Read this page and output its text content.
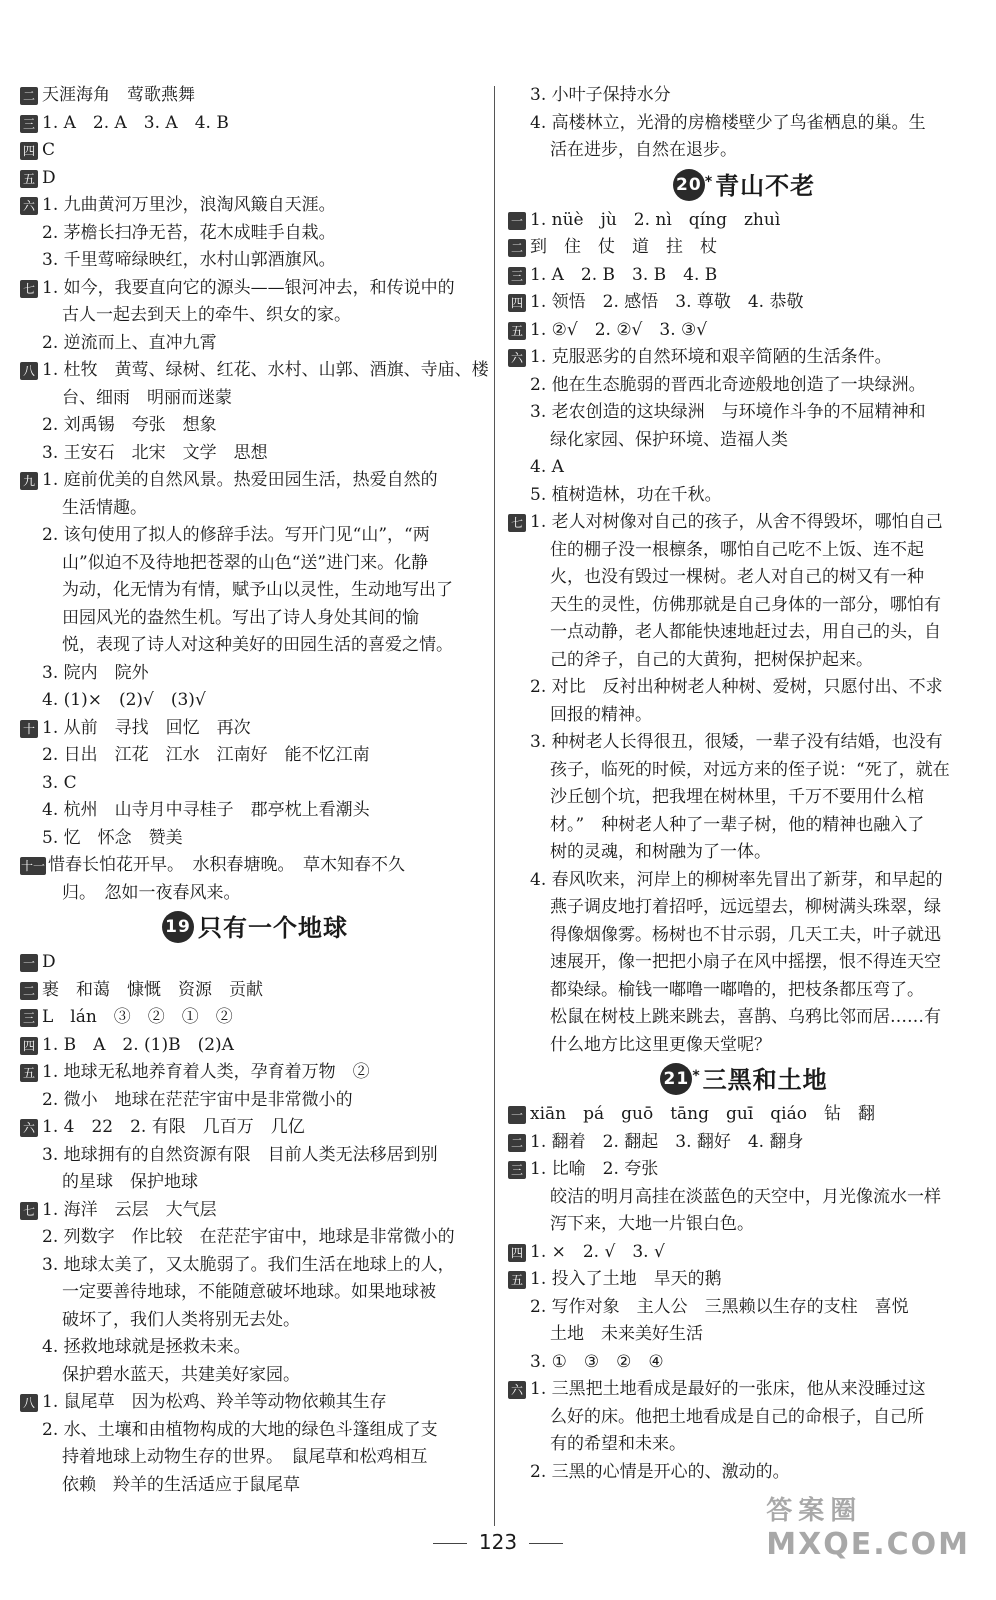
二 天涯海角　莺歌燕舞
三 1. A　2. A　3. A　4. B
四 C
五 D
六 1. 九曲黄河万里沙，浪淘风簸自天涯。
2. 茅檐长扫净无苔，花木成畦手自栽。
3. 千里莺啼绿映红，水村山郭酒旗风。
七 1. 如今，我要直向它的源头——银河冲去，和传说中的
古人一起去到天上的牵牛、织女的家。
2. 逆流而上、直冲九霄
八 1. 杜牧　黄莺、绿树、红花、水村、山郭、酒旗、寺庙、楼
台、细雨　明丽而迷蒙
2. 刘禹锡　夸张　想象
3. 王安石　北宋　文学　思想
九 1. 庭前优美的自然风景。热爱田园生活，热爱自然的
生活情趣。
2. 该句使用了拟人的修辞手法。写开门见“山”，“两
山”似迫不及待地把苍翠的山色“送”进门来。化静
为动，化无情为有情，赋予山以灵性，生动地写出了
田园风光的盎然生机。写出了诗人身处其间的愉
悦，表现了诗人对这种美好的田园生活的喜爱之情。
3. 院内　院外
4. (1)×　(2)√　(3)√
十 1. 从前　寻找　回忆　再次
2. 日出　江花　江水　江南好　能不忆江南
3. C
4. 杭州　山寺月中寻桂子　郡亭枕上看潮头
5. 忆　怀念　赞美
十一 惜春长怕花开早。　水积春塘晚。　草木知春不久
归。　忽如一夜春风来。
19 只有一个地球
一 D
二 裹　和蔼　慷慨　资源　贡献
三 L　lán　③　②　①　②
四 1. B　A　2. (1)B　(2)A
五 1. 地球无私地养育着人类，孕育着万物　②
2. 微小　地球在茫茫宇宙中是非常微小的
六 1. 4　22　2. 有限　几百万　几亿
3. 地球拥有的自然资源有限　目前人类无法移居到别
的星球　保护地球
七 1. 海洋　云层　大气层
2. 列数字　作比较　在茫茫宇宙中，地球是非常微小的
3. 地球太美了，又太脆弱了。我们生活在地球上的人，
一定要善待地球，不能随意破坏地球。如果地球被
破坏了，我们人类将别无去处。
4. 拯救地球就是拯救未来。
保护碧水蓝天，共建美好家园。
八 1. 鼠尾草　因为松鸡、羚羊等动物依赖其生存
2. 水、土壤和由植物构成的大地的绿色斗篷组成了支
持着地球上动物生存的世界。　鼠尾草和松鸡相互
依赖　羚羊的生活适应于鼠尾草
3. 小叶子保持水分
4. 高楼林立，光滑的房檐楼壁少了鸟雀栖息的巢。生
活在进步，自然在退步。
20 *青山不老
一 1. nüè　jù　2. nì　qíng　zhuì
二 到　住　仗　道　拄　杖
三 1. A　2. B　3. B　4. B
四 1. 领悟　2. 感悟　3. 尊敬　4. 恭敬
五 1. ②√　2. ②√　3. ③√
六 1. 克服恶劣的自然环境和艰辛简陋的生活条件。
2. 他在生态脆弱的晋西北奇迹般地创造了一块绿洲。
3. 老农创造的这块绿洲　与环境作斗争的不屈精神和
绿化家园、保护环境、造福人类
4. A
5. 植树造林，功在千秋。
七 1. 老人对树像对自己的孩子，从舍不得毁坏，哪怕自己
住的棚子没一根檩条，哪怕自己吃不上饭、连不起
火，也没有毁过一棵树。老人对自己的树又有一种
天生的灵性，仿佛那就是自己身体的一部分，哪怕有
一点动静，老人都能快速地赶过去，用自己的头，自
己的斧子，自己的大黄狗，把树保护起来。
2. 对比　反衬出种树老人种树、爱树，只愿付出、不求
回报的精神。
3. 种树老人长得很丑，很矮，一辈子没有结婚，也没有
孩子，临死的时候，对远方来的侄子说：“死了，就在
沙丘刨个坑，把我埋在树林里，千万不要用什么棺
材。”　种树老人种了一辈子树，他的精神也融入了
树的灵魂，和树融为了一体。
4. 春风吹来，河岸上的柳树率先冒出了新芽，和早起的
燕子调皮地打着招呼，远远望去，柳树满头珠翠，绿
得像烟像雾。杨树也不甘示弱，几天工夫，叶子就迅
速展开，像一把把小扇子在风中摇摆，恨不得连天空
都染绿。榆钱一嘟噜一嘟噜的，把枝条都压弯了。
松鼠在树枝上跳来跳去，喜鹊、乌鸦比邻而居……有
什么地方比这里更像天堂呢？
21 *三黑和土地
一 xiān　pá　guō　tāng　guī　qiáo　钻　翻
二 1. 翻着　2. 翻起　3. 翻好　4. 翻身
三 1. 比喻　2. 夸张
皎洁的明月高挂在淡蓝色的天空中，月光像流水一样
泻下来，大地一片银白色。
四 1. ×　2. √　3. √
五 1. 投入了土地　旱天的鹅
2. 写作对象　主人公　三黑赖以生存的支柱　喜悦
土地　未来美好生活
3. ①　③　②　④
六 1. 三黑把土地看成是最好的一张床，他从来没睡过这
么好的床。他把土地看成是自己的命根子，自己所
有的希望和未来。
2. 三黑的心情是开心的、激动的。
123
答案圈
MXQE.COM
